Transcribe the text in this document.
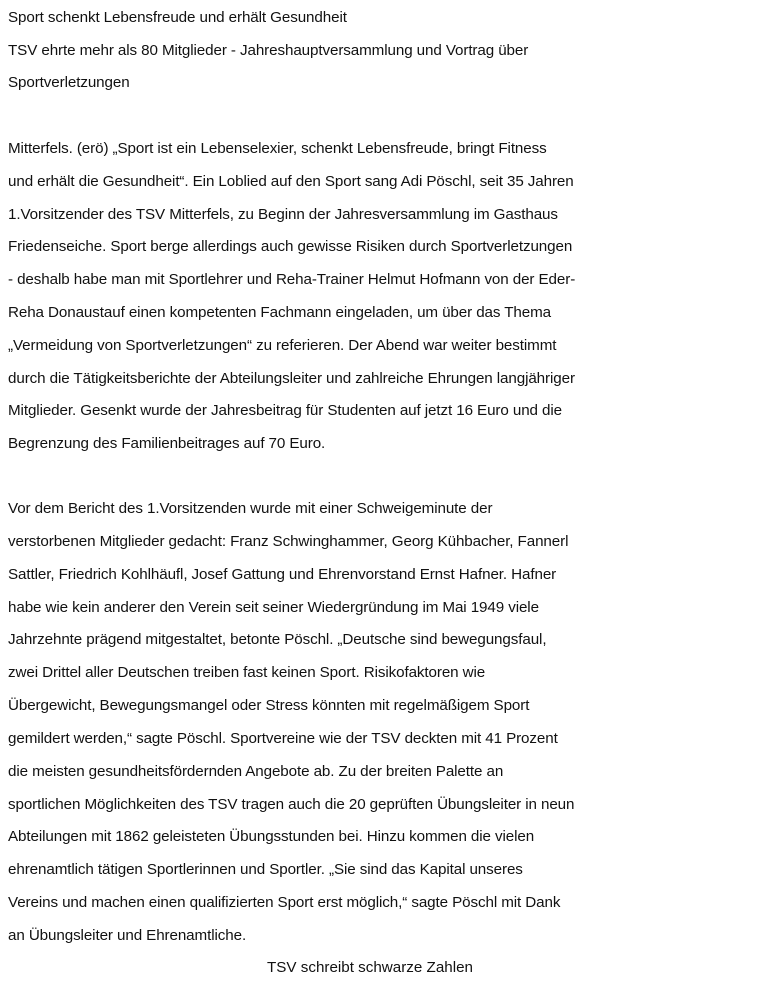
Sport schenkt Lebensfreude und erhält Gesundheit
TSV ehrte mehr als 80 Mitglieder - Jahreshauptversammlung und Vortrag über
Sportverletzungen
Mitterfels. (erö) „Sport ist ein Lebenselexier, schenkt Lebensfreude, bringt Fitness
und erhält die Gesundheit“. Ein Loblied auf den Sport sang Adi Pöschl, seit 35 Jahren
1.Vorsitzender des TSV Mitterfels, zu Beginn der Jahresversammlung im Gasthaus
Friedenseiche. Sport berge allerdings auch gewisse Risiken durch Sportverletzungen
- deshalb habe man mit Sportlehrer und Reha-Trainer Helmut Hofmann von der Eder-
Reha Donaustauf einen kompetenten Fachmann eingeladen, um über das Thema
„Vermeidung von Sportverletzungen“ zu referieren. Der Abend war weiter bestimmt
durch die Tätigkeitsberichte der Abteilungsleiter und zahlreiche Ehrungen langjähriger
Mitglieder. Gesenkt wurde der Jahresbeitrag für Studenten auf jetzt 16 Euro und die
Begrenzung des Familienbeitrages auf 70 Euro.
Vor dem Bericht des 1.Vorsitzenden wurde mit einer Schweigeminute der
verstorbenen Mitglieder gedacht: Franz Schwinghammer, Georg Kühbacher, Fannerl
Sattler, Friedrich Kohlhäufl, Josef Gattung und Ehrenvorstand Ernst Hafner. Hafner
habe wie kein anderer den Verein seit seiner Wiedergründung im Mai 1949 viele
Jahrzehnte prägend mitgestaltet, betonte Pöschl. „Deutsche sind bewegungsfaul,
zwei Drittel aller Deutschen treiben fast keinen Sport. Risikofaktoren wie
Übergewicht, Bewegungsmangel oder Stress könnten mit regelmäßigem Sport
gemildert werden,“ sagte Pöschl. Sportvereine wie der TSV deckten mit 41 Prozent
die meisten gesundheitsfördernden Angebote ab. Zu der breiten Palette an
sportlichen Möglichkeiten des TSV tragen auch die 20 geprüften Übungsleiter in neun
Abteilungen mit 1862 geleisteten Übungsstunden bei. Hinzu kommen die vielen
ehrenamtlich tätigen Sportlerinnen und Sportler. „Sie sind das Kapital unseres
Vereins und machen einen qualifizierten Sport erst möglich,“ sagte Pöschl mit Dank
an Übungsleiter und Ehrenamtliche.
TSV schreibt schwarze Zahlen
